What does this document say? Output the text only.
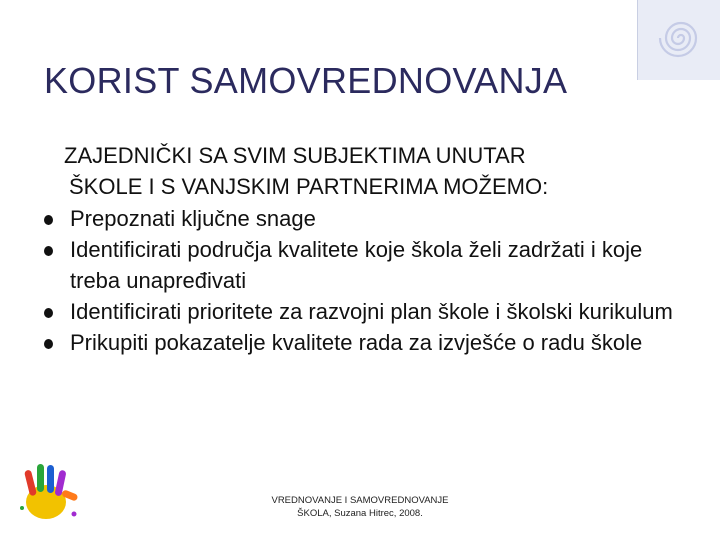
KORIST SAMOVREDNOVANJA
ZAJEDNIČKI SA SVIM SUBJEKTIMA UNUTAR
ŠKOLE I S VANJSKIM PARTNERIMA MOŽEMO:
Prepoznati ključne snage
Identificirati područja kvalitete koje škola želi zadržati i koje treba unapređivati
Identificirati prioritete za razvojni plan škole i školski kurikulum
Prikupiti pokazatelje kvalitete rada za izvješće o radu škole
VREDNOVANJE I SAMOVREDNOVANJE
ŠKOLA, Suzana Hitrec, 2008.
